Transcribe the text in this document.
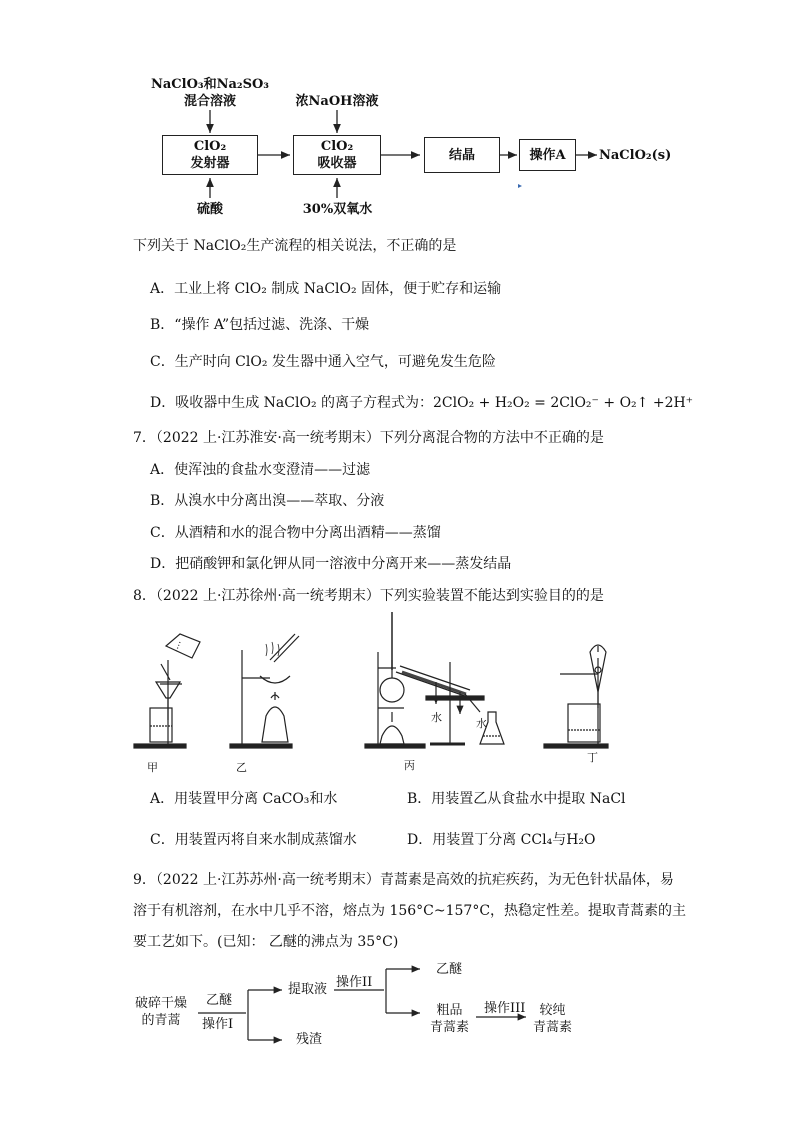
NaClO₃和Na₂SO₃
混合溶液	浓NaOH溶液
ClO₂
发射器
ClO₂
吸收器
结晶	操作A	NaClO₂(s)
硫酸	30%双氧水
下列关于 NaClO₂生产流程的相关说法，不正确的是
A．工业上将 ClO₂ 制成 NaClO₂ 固体，便于贮存和运输
B．“操作 A”包括过滤、洗涤、干燥
C．生产时向 ClO₂ 发生器中通入空气，可避免发生危险
D．吸收器中生成 NaClO₂ 的离子方程式为：2ClO₂ + H₂O₂ = 2ClO₂⁻ + O₂↑ +2H⁺
7．（2022 上·江苏淮安·高一统考期末）下列分离混合物的方法中不正确的是
A．使浑浊的食盐水变澄清——过滤
B．从溴水中分离出溴——萃取、分液
C．从酒精和水的混合物中分离出酒精——蒸馏
D．把硝酸钾和氯化钾从同一溶液中分离开来——蒸发结晶
8．（2022 上·江苏徐州·高一统考期末）下列实验装置不能达到实验目的的是
甲	乙	丙
丁
水	水
A．用装置甲分离 CaCO₃和水	B．用装置乙从食盐水中提取 NaCl
C．用装置丙将自来水制成蒸馏水	D．用装置丁分离 CCl₄与H₂O
9．（2022 上·江苏苏州·高一统考期末）青蒿素是高效的抗疟疾药，为无色针状晶体，易
溶于有机溶剂，在水中几乎不溶，熔点为 156°C~157°C，热稳定性差。提取青蒿素的主
要工艺如下。(已知： 乙醚的沸点为 35°C)
破碎干燥
的青蒿
乙醚
操作I
提取液 操作II
乙醚
残渣
粗品
青蒿素
操作III	较纯
青蒿素
